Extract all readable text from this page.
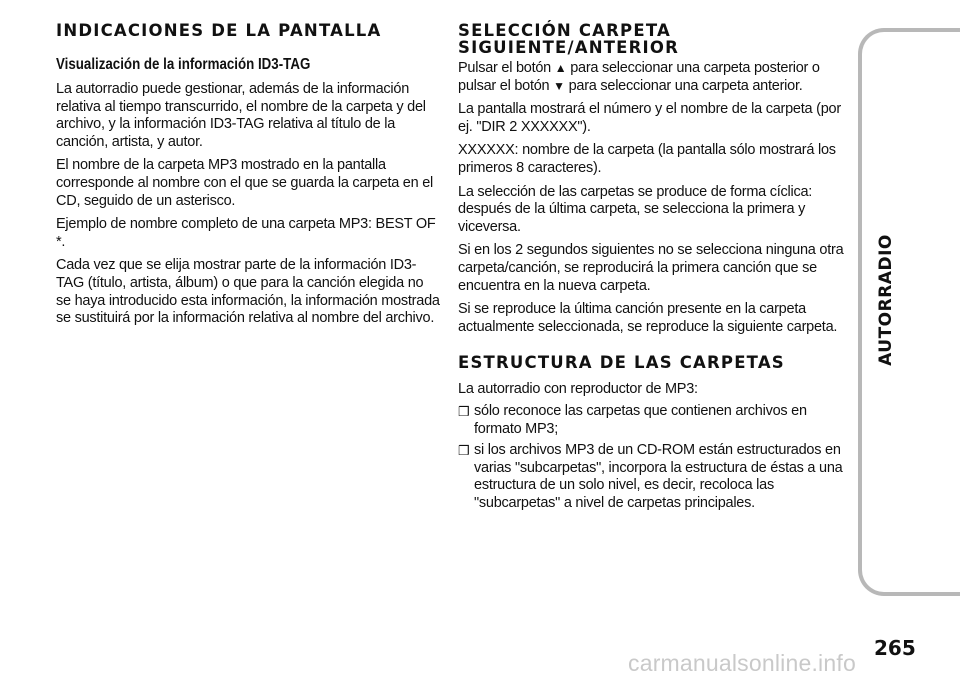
INDICACIONES DE LA PANTALLA
Visualización de la información ID3-TAG

La autorradio puede gestionar, además de la información relativa al tiempo transcurrido, el nombre de la carpeta y del archivo, y la información ID3-TAG relativa al título de la canción, artista, y autor.

El nombre de la carpeta MP3 mostrado en la pantalla corresponde al nombre con el que se guarda la carpeta en el CD, seguido de un asterisco.

Ejemplo de nombre completo de una carpeta MP3: BEST OF *.

Cada vez que se elija mostrar parte de la información ID3-TAG (título, artista, álbum) o que para la canción elegida no se haya introducido esta información, la información mostrada se sustituirá por la información relativa al nombre del archivo.

SELECCIÓN CARPETA
SIGUIENTE/ANTERIOR

Pulsar el botón ▲ para seleccionar una carpeta posterior o pulsar el botón ▼ para seleccionar una carpeta anterior.

La pantalla mostrará el número y el nombre de la carpeta (por ej. "DIR 2 XXXXXX").

XXXXXX: nombre de la carpeta (la pantalla sólo mostrará los primeros 8 caracteres).

La selección de las carpetas se produce de forma cíclica: después de la última carpeta, se selecciona la primera y viceversa.

Si en los 2 segundos siguientes no se selecciona ninguna otra carpeta/canción, se reproducirá la primera canción que se encuentra en la nueva carpeta.

Si se reproduce la última canción presente en la carpeta actualmente seleccionada, se reproduce la siguiente carpeta.

ESTRUCTURA DE LAS CARPETAS

La autorradio con reproductor de MP3:

❒ sólo reconoce las carpetas que contienen archivos en formato MP3;
❒ si los archivos MP3 de un CD-ROM están estructurados en varias "subcarpetas", incorpora la estructura de éstas a una estructura de un solo nivel, es decir, recoloca las "subcarpetas" a nivel de carpetas principales.
AUTORRADIO
265
carmanualsonline.info
